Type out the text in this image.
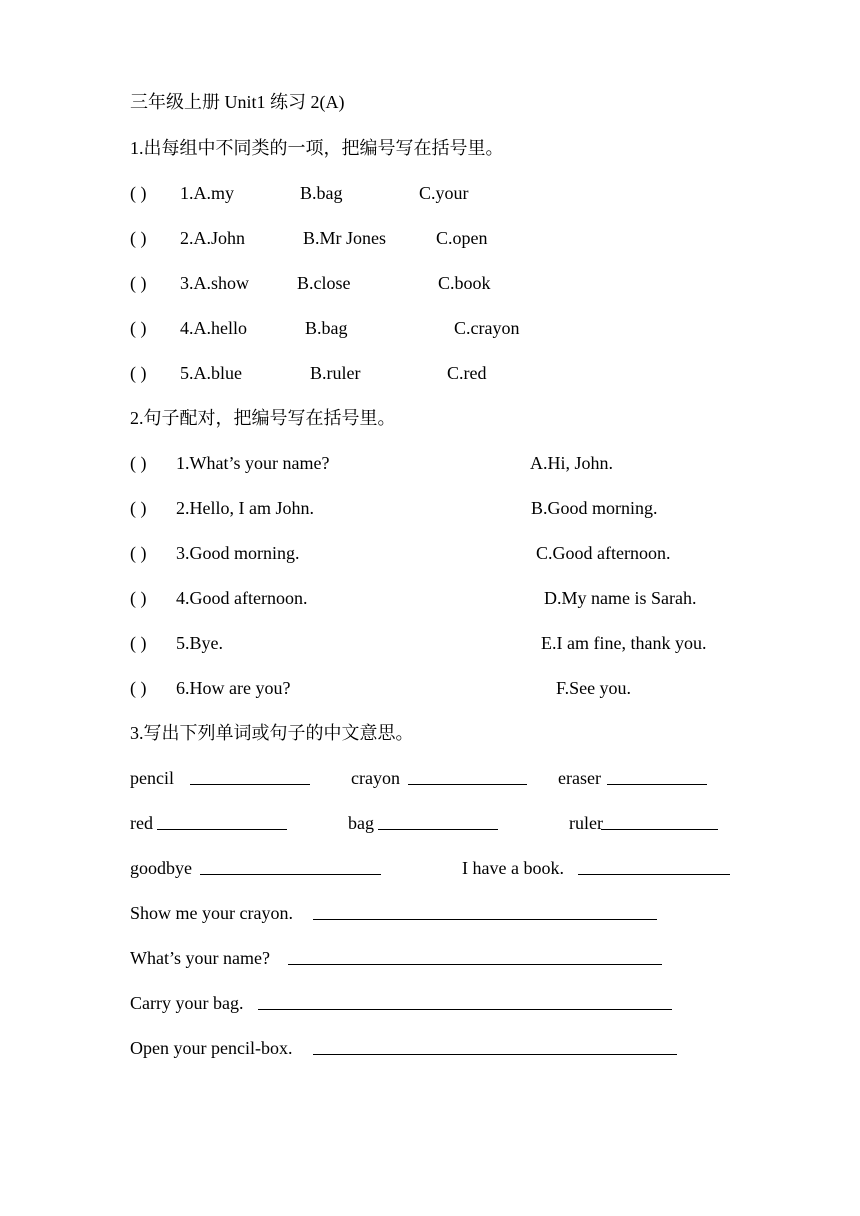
三年级上册 Unit1 练习 2(A)
1.出每组中不同类的一项，把编号写在括号里。
( ) 1.A.my	B.bag	C.your
( ) 2.A.John	B.Mr Jones	C.open
( ) 3.A.show	B.close	C.book
( ) 4.A.hello	B.bag	C.crayon
( ) 5.A.blue	B.ruler	C.red
2.句子配对，把编号写在括号里。
( ) 1.What’s your name?	A.Hi, John.
( ) 2.Hello, I am John.	B.Good morning.
( ) 3.Good morning.	C.Good afternoon.
( ) 4.Good afternoon.	D.My name is Sarah.
( ) 5.Bye.	E.I am fine, thank you.
( ) 6.How are you?	F.See you.
3.写出下列单词或句子的中文意思。
pencil	crayon	eraser
red	bag	ruler
goodbye	I have a book.
Show me your crayon.
What’s your name?
Carry your bag.
Open your pencil-box.
